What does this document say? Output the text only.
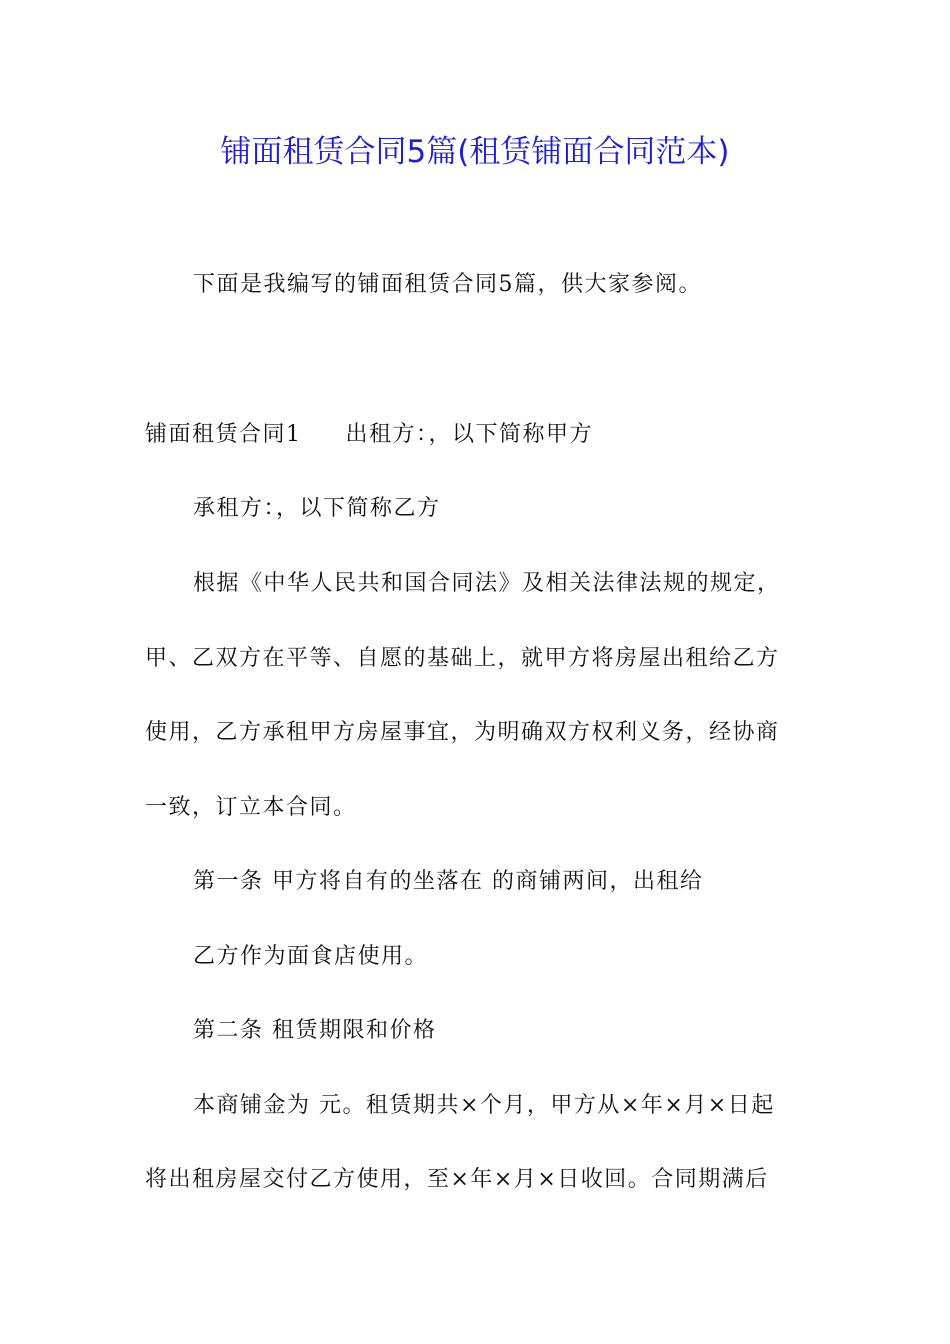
铺面租赁合同5篇(租赁铺面合同范本)
下面是我编写的铺面租赁合同5篇，供大家参阅。
铺面租赁合同1 出租方：，以下简称甲方
承租方：，以下简称乙方
根据《中华人民共和国合同法》及相关法律法规的规定，
甲、乙双方在平等、自愿的基础上，就甲方将房屋出租给乙方
使用，乙方承租甲方房屋事宜，为明确双方权利义务，经协商
一致，订立本合同。
第一条 甲方将自有的坐落在 的商铺两间，出租给
乙方作为面食店使用。
第二条 租赁期限和价格
本商铺金为 元。租赁期共×个月，甲方从×年×月×日起
将出租房屋交付乙方使用，至×年×月×日收回。合同期满后
